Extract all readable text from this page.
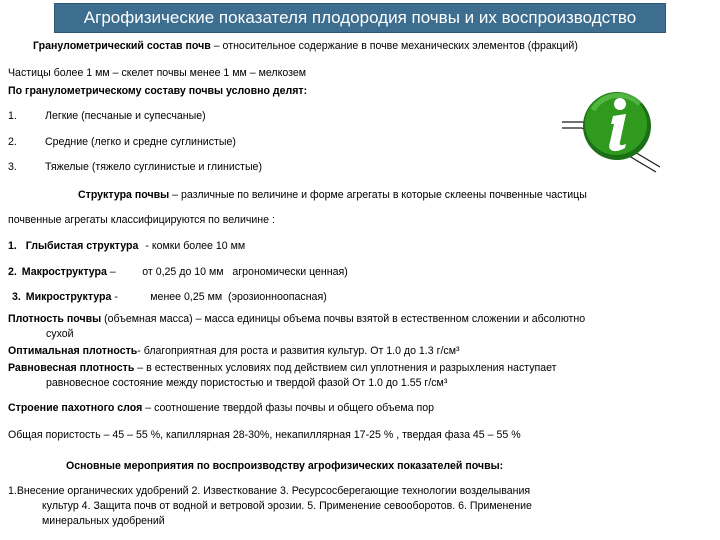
Агрофизические показателя плодородия почвы и их воспроизводство
Гранулометрический состав почв – относительное содержание в почве механических элементов (фракций)
Частицы более 1 мм – скелет почвы менее 1 мм – мелкозем
По гранулометрическому составу почвы условно делят:
1.	Легкие (песчаные и супесчаные)
2.	Средние (легко и средне суглинистые)
3.	Тяжелые (тяжело суглинистые и глинистые)
Структура почвы – различные по величине и форме агрегаты в которые склеены почвенные частицы
почвенные агрегаты классифицируются по величине :
1. Глыбистая структура - комки более 10 мм
2. Макроструктура –         от 0,25 до 10 мм   агрономически ценная)
3. Микроструктура -           менее 0,25 мм  (эрозионноопасная)
Плотность почвы (объемная масса) – масса единицы объема почвы взятой в естественном сложении и абсолютно
сухой
Оптимальная плотность- благоприятная для роста и развития культур. От 1.0 до 1.3 г/см³
Равновесная плотность – в естественных условиях под действием сил уплотнения и разрыхления наступает
равновесное состояние между пористостью и твердой фазой От 1.0 до 1.55 г/см³
Строение пахотного слоя – соотношение твердой фазы почвы и общего объема пор
Общая пористость – 45 – 55 %, капиллярная 28-30%, некапиллярная 17-25 % , твердая фаза 45 – 55 %
Основные мероприятия по воспроизводству агрофизических показателей почвы:
1.Внесение органических удобрений 2. Известкование 3. Ресурсосберегающие технологии возделывания
культур 4. Защита почв от водной и ветровой эрозии. 5. Применение севооборотов. 6. Применение
минеральных удобрений
